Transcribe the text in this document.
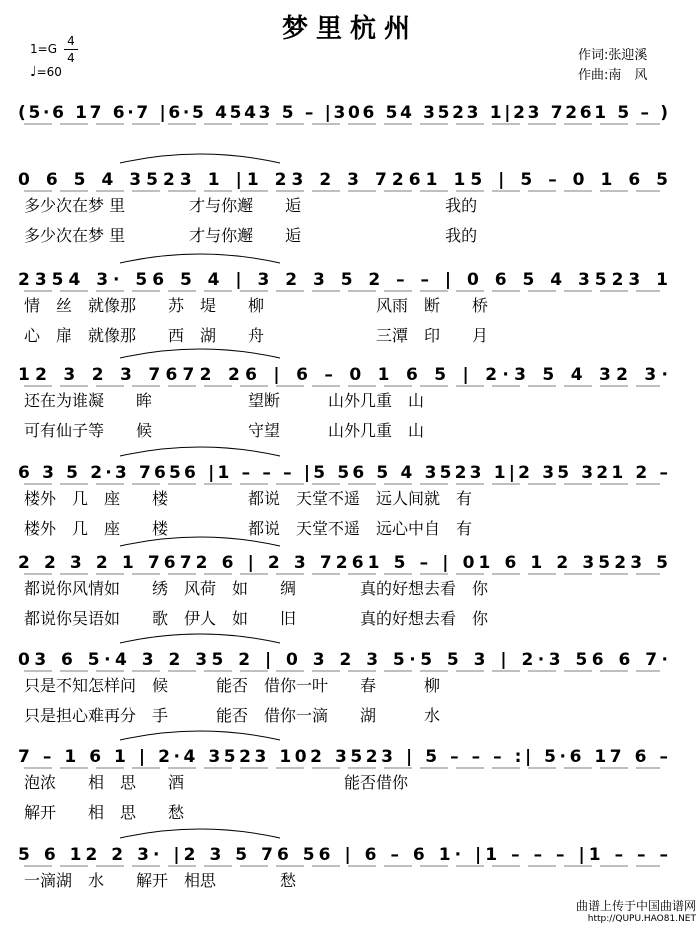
梦里杭州
1=G
4
4
♩=60
作词:张迎溪
作曲:南　风
(5·6 17 6·7 |6·5 4543 5 – |306 54 3523 1|23 7261 5 – )
0 6 5 4 3523 1 |1 23 2 3 7261 15 | 5 – 0 1 6 5
多少次在梦 里　　　　才与你邂　　逅　　　　　　　　　我的
多少次在梦 里　　　　才与你邂　　逅　　　　　　　　　我的
2354 3· 56 5 4 | 3 2 3 5 2 – – | 0 6 5 4 3523 1
情　丝　就像那　　苏　堤　　柳　　　　　　　风雨　断　　桥
心　扉　就像那　　西　湖　　舟　　　　　　　三潭　印　　月
12 3 2 3 7672 26 | 6 – 0 1 6 5 | 2·3 5 4 32 3·
还在为谁凝　　眸　　　　　　望断　　　山外几重　山
可有仙子等　　候　　　　　　守望　　　山外几重　山
6 3 5 2·3 7656 |1 – – – |5 56 5 4 3523 1|2 35 321 2 –
楼外　几　座　　楼　　　　　都说　天堂不遥　远人间就　有
楼外　几　座　　楼　　　　　都说　天堂不遥　远心中自　有
2 2 3 2 1 7672 6 | 2 3 7261 5 – | 01 6 1 2 3523 5
都说你风情如　　绣　风荷　如　　绸　　　　真的好想去看　你
都说你吴语如　　歌　伊人　如　　旧　　　　真的好想去看　你
03 6 5·4 3 2 35 2 | 0 3 2 3 5·5 5 3 | 2·3 56 6 7·
只是不知怎样问　候　　　能否　借你一叶　　春　　　柳
只是担心难再分　手　　　能否　借你一滴　　湖　　　水
7 – 1 6 1 | 2·4 3523 102 3523 | 5 – – – :| 5·6 17 6 –
泡浓　　相　思　　酒　　　　　　　　　　能否借你
解开　　相　思　　愁
5 6 12 2 3· |2 3 5 76 56 | 6 – 6 1· |1 – – – |1 – – –
一滴湖　水　　解开　相思　　　　愁
曲谱上传于中国曲谱网
http://QUPU.HAO81.NET
